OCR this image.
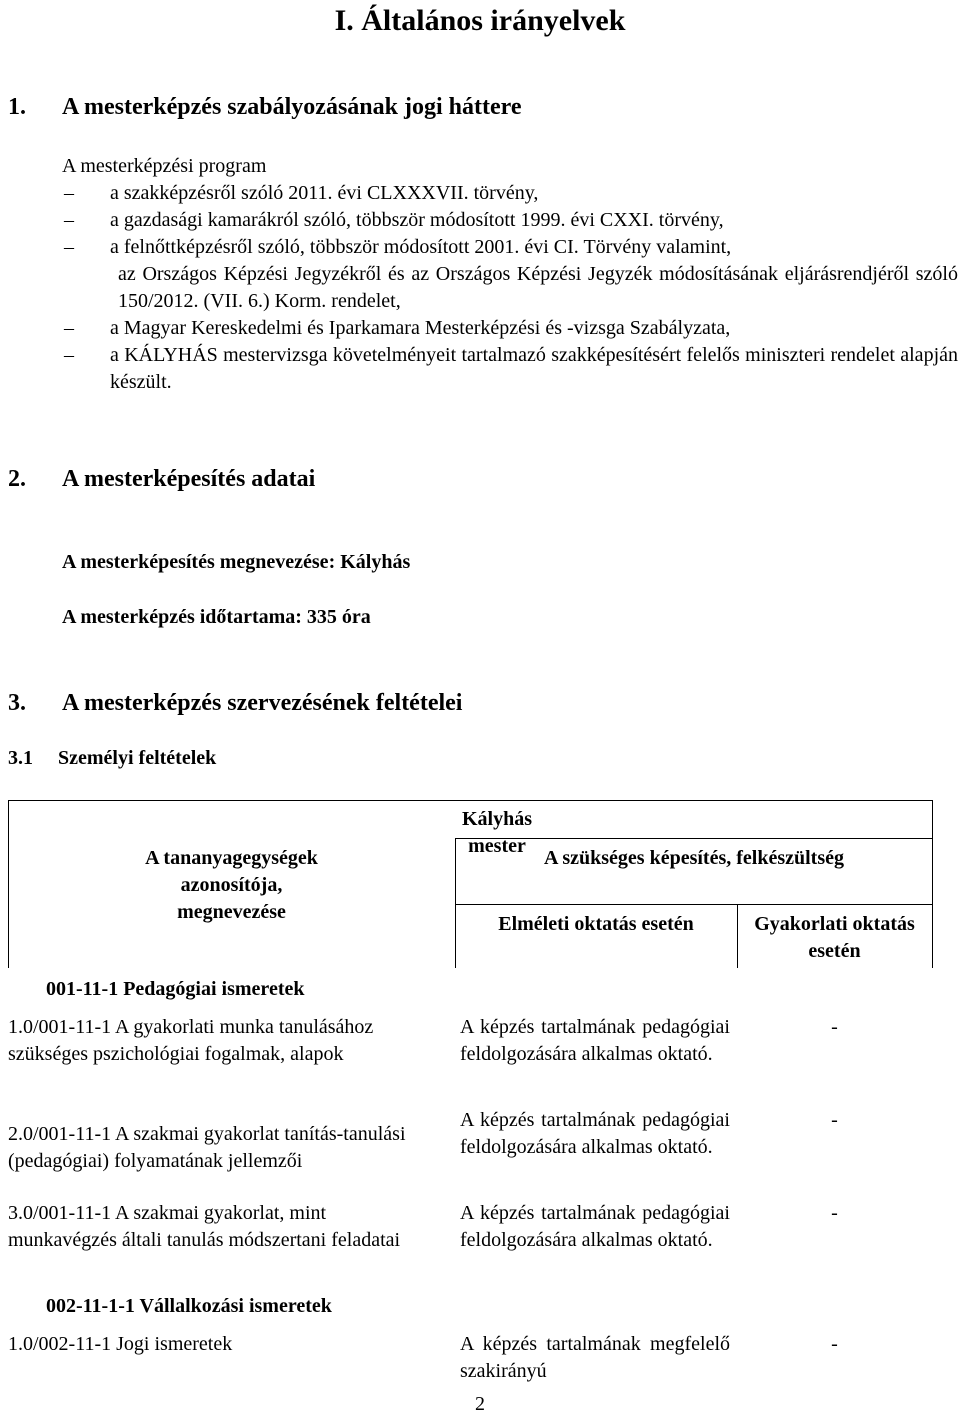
I. Általános irányelvek
1. A mesterképzés szabályozásának jogi háttere
A mesterképzési program
– a szakképzésről szóló 2011. évi CLXXXVII. törvény,
– a gazdasági kamarákról szóló, többször módosított 1999. évi CXXI. törvény,
– a felnőttképzésről szóló, többször módosított 2001. évi CI. Törvény valamint,
az Országos Képzési Jegyzékről és az Országos Képzési Jegyzék módosításának eljárásrendjéről szóló 150/2012. (VII. 6.) Korm. rendelet,
– a Magyar Kereskedelmi és Iparkamara Mesterképzési és -vizsga Szabályzata,
– a KÁLYHÁS mestervizsga követelményeit tartalmazó szakképesítésért felelős miniszteri rendelet alapján készült.
2. A mesterképesítés adatai
A mesterképesítés megnevezése: Kályhás
A mesterképzés időtartama: 335 óra
3. A mesterképzés szervezésének feltételei
3.1 Személyi feltételek
Kályhás mester
A tananyagegységek azonosítója, megnevezése
A szükséges képesítés, felkészültség
Elméleti oktatás esetén	Gyakorlati oktatás esetén
001-11-1 Pedagógiai ismeretek
1.0/001-11-1 A gyakorlati munka tanulásához szükséges pszichológiai fogalmak, alapok
A képzés tartalmának pedagógiai feldolgozására alkalmas oktató.
-
2.0/001-11-1 A szakmai gyakorlat tanítás-tanulási (pedagógiai) folyamatának jellemzői
A képzés tartalmának pedagógiai feldolgozására alkalmas oktató.
-
3.0/001-11-1 A szakmai gyakorlat, mint munkavégzés általi tanulás módszertani feladatai
A képzés tartalmának pedagógiai feldolgozására alkalmas oktató.
-
002-11-1-1 Vállalkozási ismeretek
1.0/002-11-1 Jogi ismeretek	A képzés tartalmának megfelelő szakirányú
-
2
